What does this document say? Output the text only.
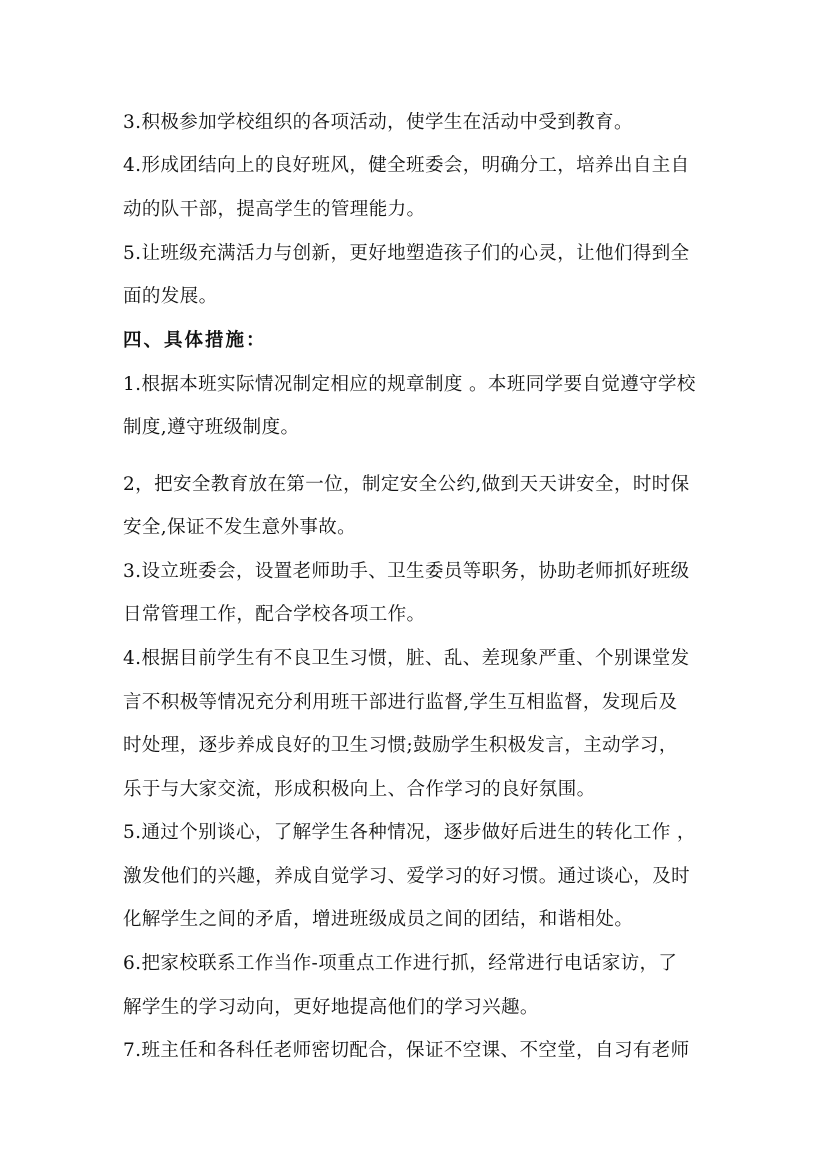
3.积极参加学校组织的各项活动，使学生在活动中受到教育。
4.形成团结向上的良好班风，健全班委会，明确分工，培养出自主自
动的队干部，提高学生的管理能力。
5.让班级充满活力与创新，更好地塑造孩子们的心灵，让他们得到全
面的发展。
四、具体措施：
1.根据本班实际情况制定相应的规章制度 。本班同学要自觉遵守学校
制度,遵守班级制度。
2，把安全教育放在第一位，制定安全公约,做到天天讲安全，时时保
安全,保证不发生意外事故。
3.设立班委会，设置老师助手、卫生委员等职务，协助老师抓好班级
日常管理工作，配合学校各项工作。
4.根据目前学生有不良卫生习惯，脏、乱、差现象严重、个别课堂发
言不积极等情况充分利用班干部进行监督,学生互相监督，发现后及
时处理，逐步养成良好的卫生习惯;鼓励学生积极发言，主动学习，
乐于与大家交流，形成积极向上、合作学习的良好氛围。
5.通过个别谈心，了解学生各种情况，逐步做好后进生的转化工作 ，
激发他们的兴趣，养成自觉学习、爱学习的好习惯。通过谈心，及时
化解学生之间的矛盾，增进班级成员之间的团结，和谐相处。
6.把家校联系工作当作-项重点工作进行抓，经常进行电话家访，了
解学生的学习动向，更好地提高他们的学习兴趣。
7.班主任和各科任老师密切配合，保证不空课、不空堂，自习有老师
